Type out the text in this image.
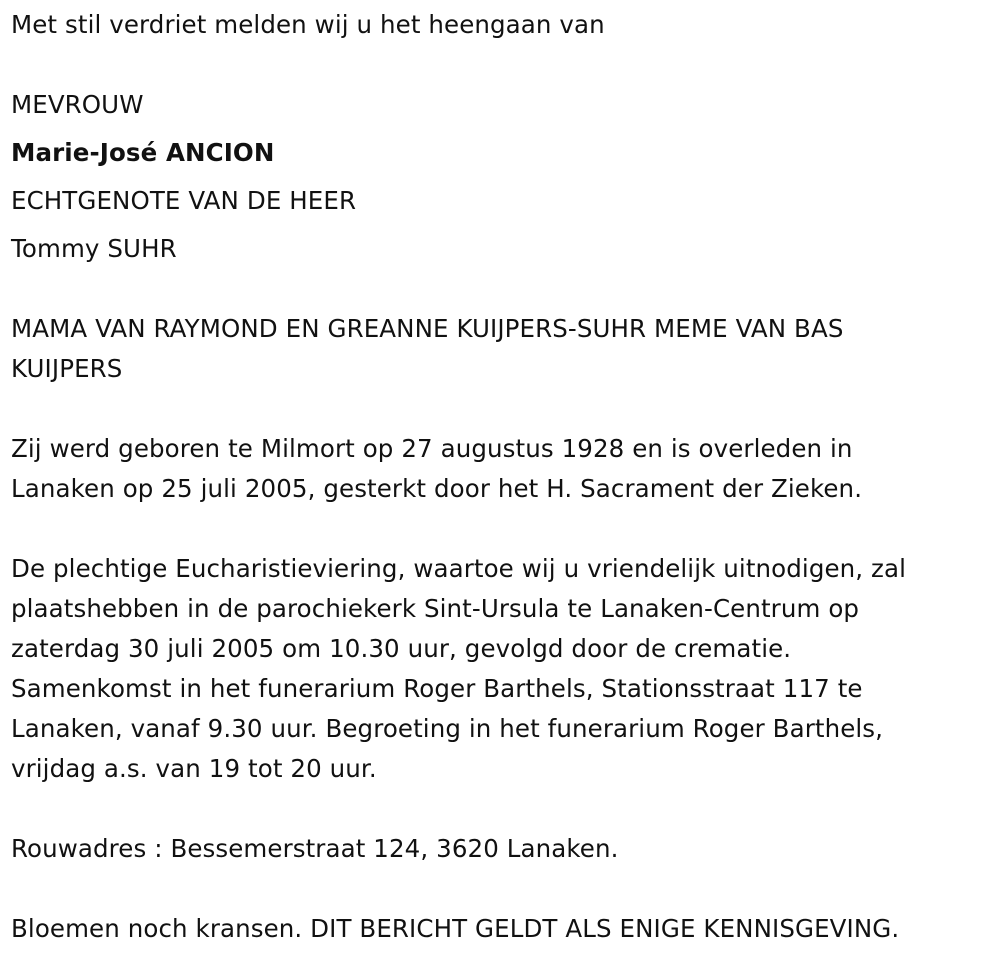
Met stil verdriet melden wij u het heengaan van
MEVROUW
Marie-José ANCION
ECHTGENOTE VAN DE HEER
Tommy SUHR
MAMA VAN RAYMOND EN GREANNE KUIJPERS-SUHR MEME VAN BAS
KUIJPERS
Zij werd geboren te Milmort op 27 augustus 1928 en is overleden in
Lanaken op 25 juli 2005, gesterkt door het H. Sacrament der Zieken.
De plechtige Eucharistieviering, waartoe wij u vriendelijk uitnodigen, zal
plaatshebben in de parochiekerk Sint-Ursula te Lanaken-Centrum op
zaterdag 30 juli 2005 om 10.30 uur, gevolgd door de crematie.
Samenkomst in het funerarium Roger Barthels, Stationsstraat 117 te
Lanaken, vanaf 9.30 uur. Begroeting in het funerarium Roger Barthels,
vrijdag a.s. van 19 tot 20 uur.
Rouwadres : Bessemerstraat 124, 3620 Lanaken.
Bloemen noch kransen. DIT BERICHT GELDT ALS ENIGE KENNISGEVING.
